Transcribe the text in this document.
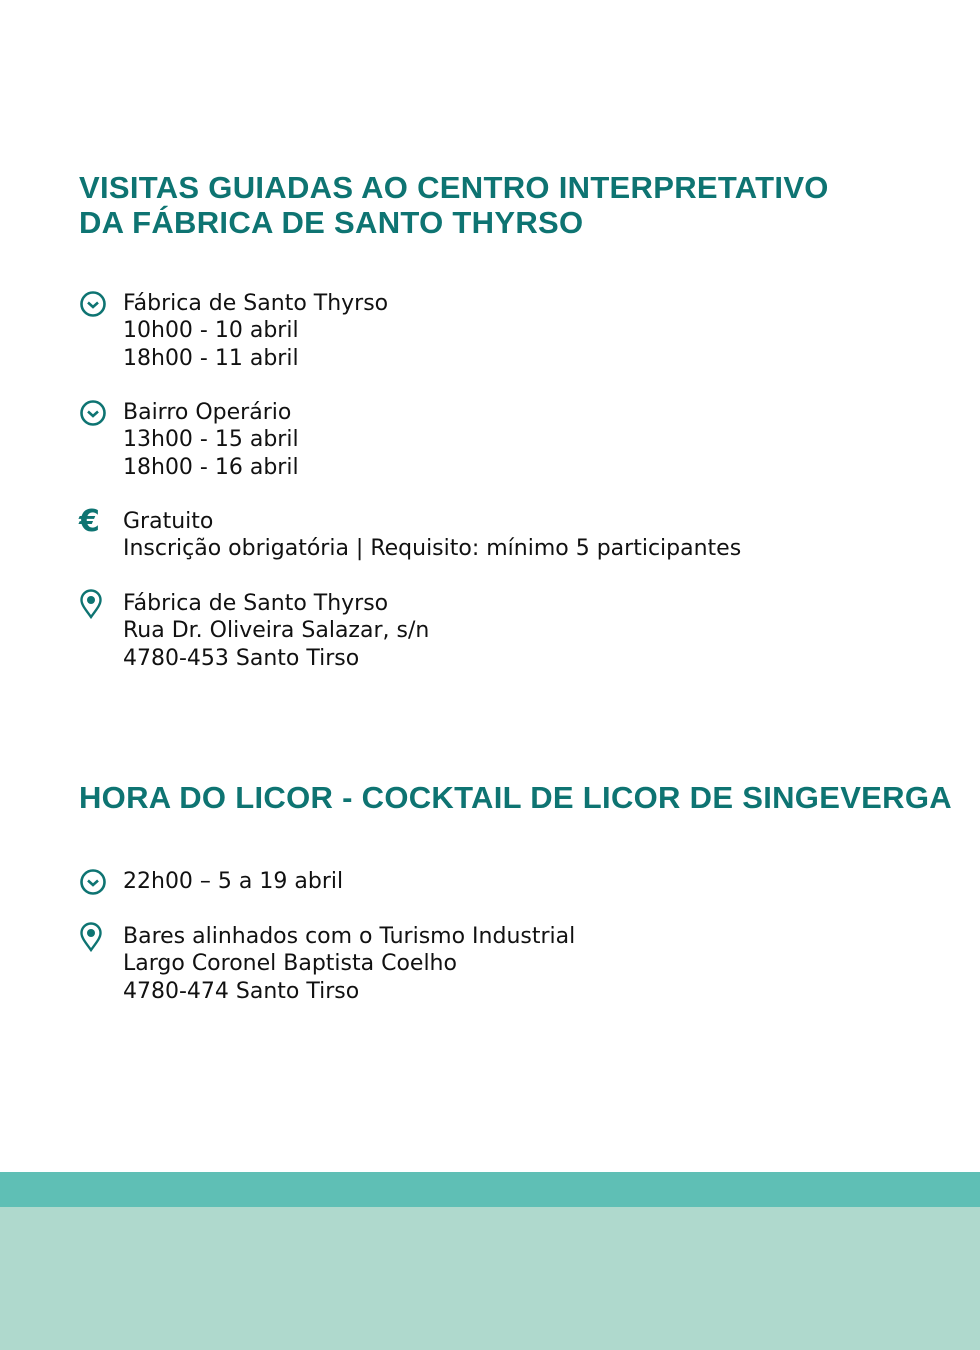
VISITAS GUIADAS AO CENTRO INTERPRETATIVO
DA FÁBRICA DE SANTO THYRSO
Fábrica de Santo Thyrso
10h00 - 10 abril
18h00 - 11 abril
Bairro Operário
13h00 - 15 abril
18h00 - 16 abril
€	Gratuito
Inscrição obrigatória | Requisito: mínimo 5 participantes
Fábrica de Santo Thyrso
Rua Dr. Oliveira Salazar, s/n
4780-453 Santo Tirso
HORA DO LICOR - COCKTAIL DE LICOR DE SINGEVERGA
22h00 – 5 a 19 abril
Bares alinhados com o Turismo Industrial
Largo Coronel Baptista Coelho
4780-474 Santo Tirso
